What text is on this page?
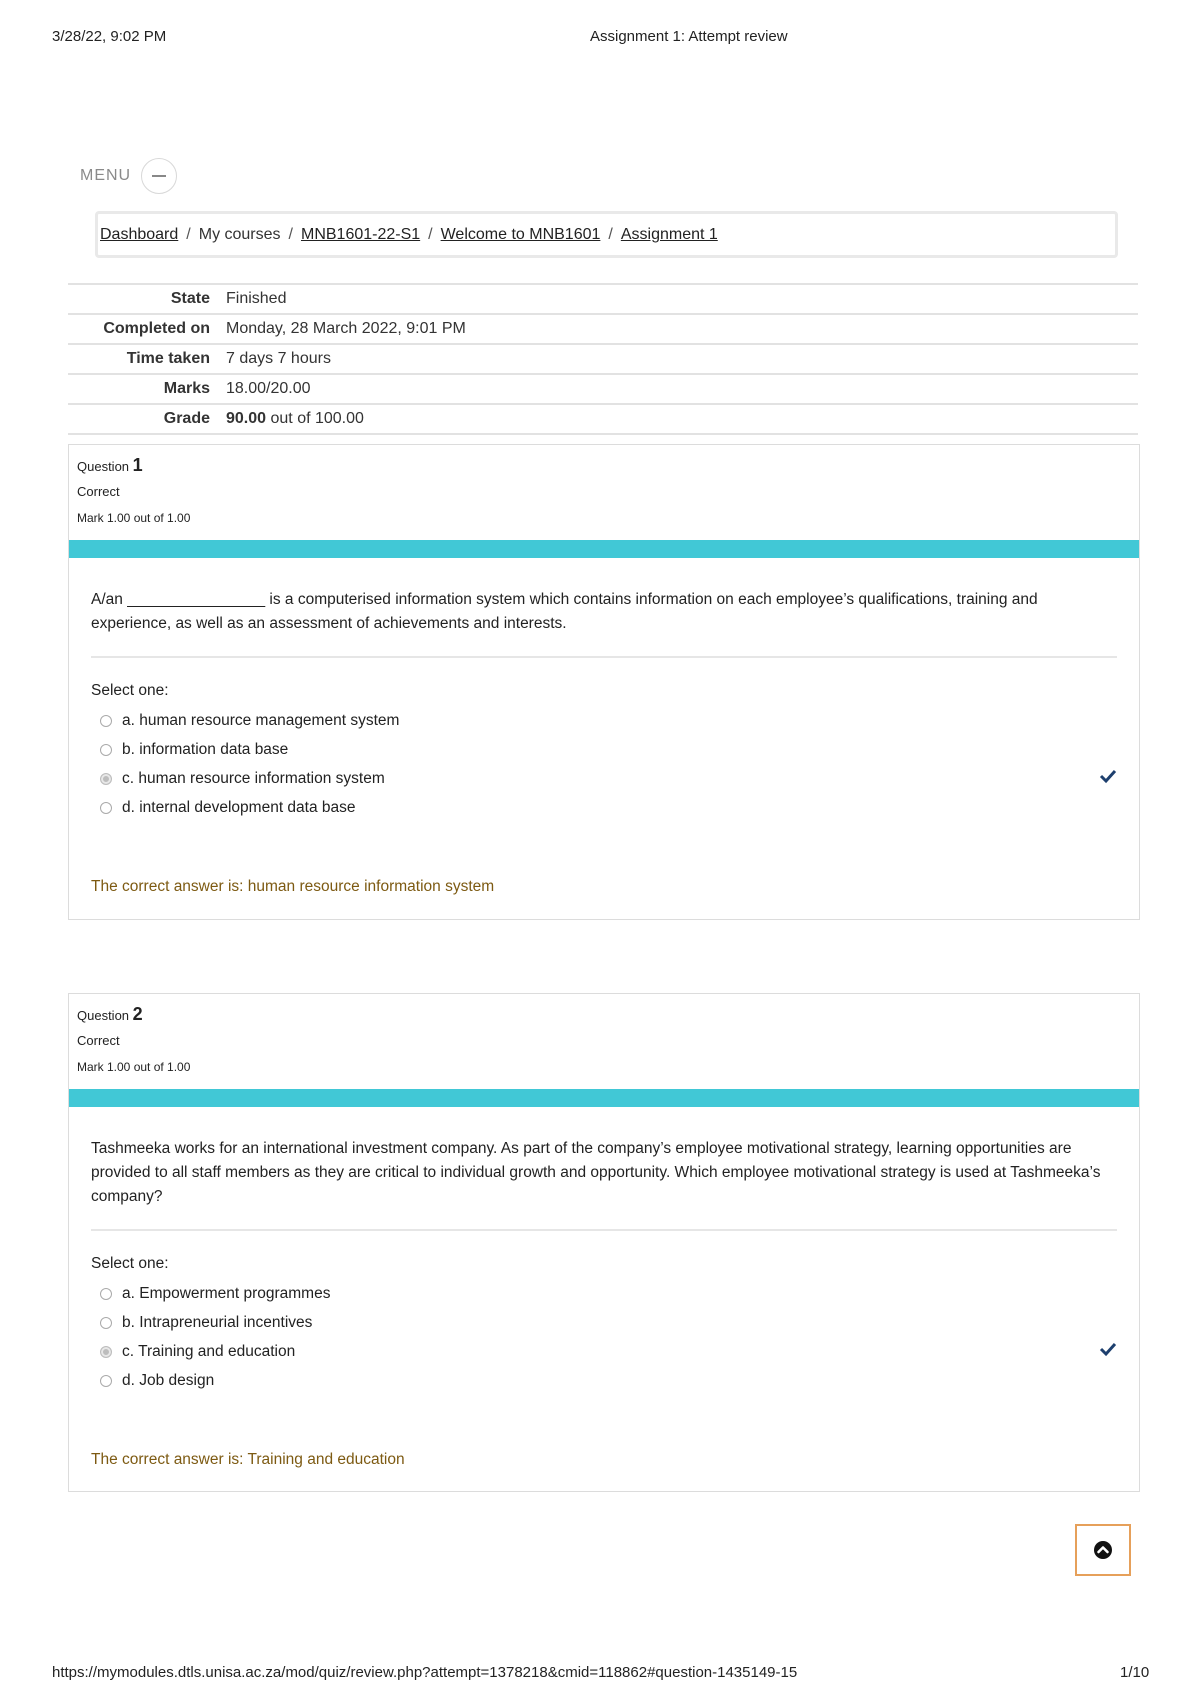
3/28/22, 9:02 PM	Assignment 1: Attempt review
MENU
Dashboard / My courses / MNB1601-22-S1 / Welcome to MNB1601 / Assignment 1
State	Finished
Completed on	Monday, 28 March 2022, 9:01 PM
Time taken	7 days 7 hours
Marks	18.00/20.00
Grade	90.00 out of 100.00
Question 1
Correct
Mark 1.00 out of 1.00
A/an ________________ is a computerised information system which contains information on each employee’s qualifications, training and experience, as well as an assessment of achievements and interests.
Select one:
a. human resource management system
b. information data base
c. human resource information system
d. internal development data base
The correct answer is: human resource information system
Question 2
Correct
Mark 1.00 out of 1.00
Tashmeeka works for an international investment company. As part of the company’s employee motivational strategy, learning opportunities are provided to all staff members as they are critical to individual growth and opportunity. Which employee motivational strategy is used at Tashmeeka’s company?
Select one:
a. Empowerment programmes
b. Intrapreneurial incentives
c. Training and education
d. Job design
The correct answer is: Training and education
https://mymodules.dtls.unisa.ac.za/mod/quiz/review.php?attempt=1378218&cmid=118862#question-1435149-15	1/10
